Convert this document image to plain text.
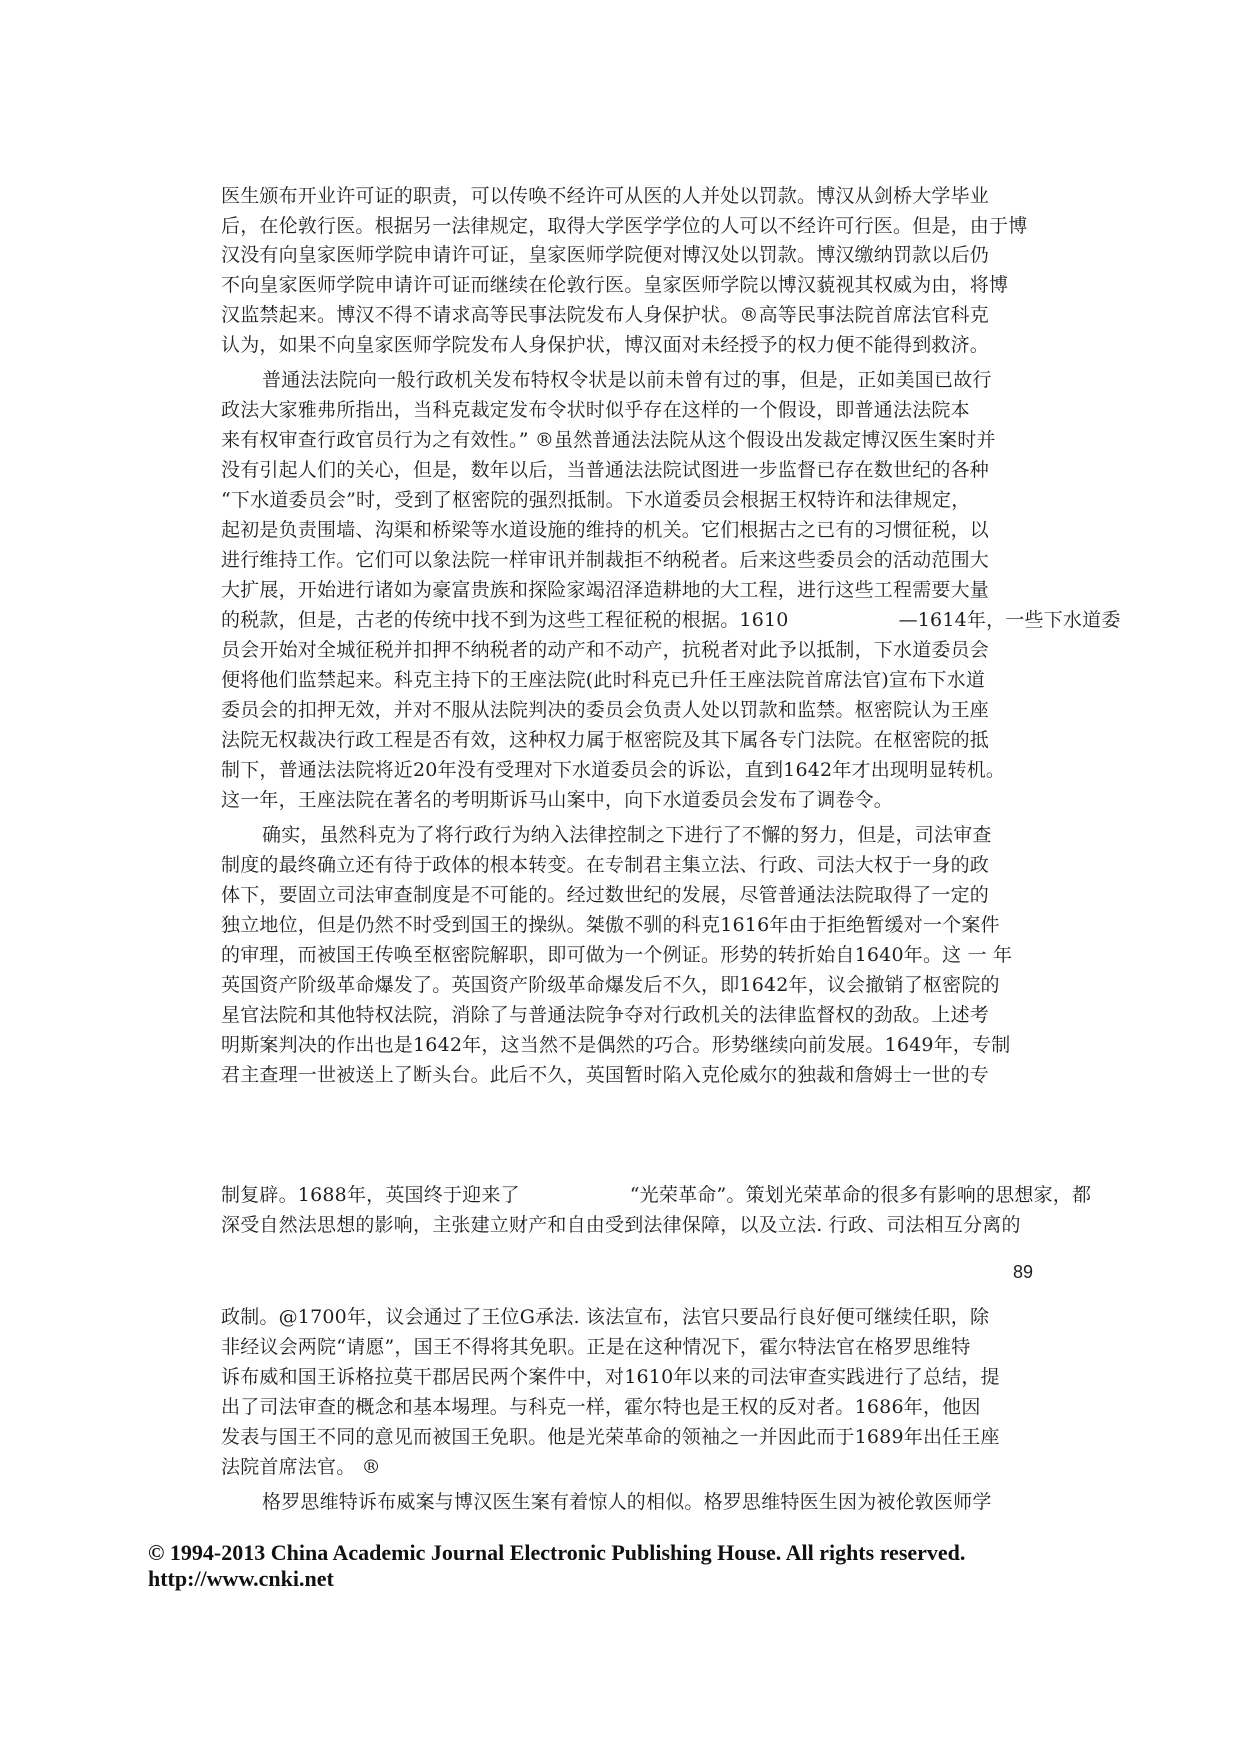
医生颁布开业许可证的职责，可以传唤不经许可从医的人并处以罚款。博汉从剑桥大学毕业
后，在伦敦行医。根据另一法律规定，取得大学医学学位的人可以不经许可行医。但是，由于博
汉没有向皇家医师学院申请许可证，皇家医师学院便对博汉处以罚款。博汉缴纳罚款以后仍
不向皇家医师学院申请许可证而继续在伦敦行医。皇家医师学院以博汉藐视其权威为由，将博
汉监禁起来。博汉不得不请求高等民事法院发布人身保护状。®高等民事法院首席法官科克
认为，如果不向皇家医师学院发布人身保护状，博汉面对未经授予的权力便不能得到救济。
普通法法院向一般行政机关发布特权令状是以前未曾有过的事，但是，正如美国已故行
政法大家雅弗所指出，当科克裁定发布令状时似乎存在这样的一个假设，即普通法法院本
来有权审查行政官员行为之有效性。” ®虽然普通法法院从这个假设出发裁定博汉医生案时并
没有引起人们的关心，但是，数年以后，当普通法法院试图进一步监督已存在数世纪的各种
“下水道委员会”时，受到了枢密院的强烈抵制。下水道委员会根据王权特许和法律规定，
起初是负责围墙、沟渠和桥梁等水道设施的维持的机关。它们根据古之已有的习惯征税，以
进行维持工作。它们可以象法院一样审讯并制裁拒不纳税者。后来这些委员会的活动范围大
大扩展，开始进行诸如为豪富贵族和探险家竭沼泽造耕地的大工程，进行这些工程需要大量
的税款，但是，古老的传统中找不到为这些工程征税的根据。1610	—1614年，一些下水道委
员会开始对全城征税并扣押不纳税者的动产和不动产，抗税者对此予以抵制，下水道委员会
便将他们监禁起来。科克主持下的王座法院(此时科克已升任王座法院首席法官)宣布下水道
委员会的扣押无效，并对不服从法院判决的委员会负责人处以罚款和监禁。枢密院认为王座
法院无权裁决行政工程是否有效，这种权力属于枢密院及其下属各专门法院。在枢密院的抵
制下，普通法法院将近20年没有受理对下水道委员会的诉讼，直到1642年才出现明显转机。
这一年，王座法院在著名的考明斯诉马山案中，向下水道委员会发布了调卷令。
确实，虽然科克为了将行政行为纳入法律控制之下进行了不懈的努力，但是，司法审查
制度的最终确立还有待于政体的根本转变。在专制君主集立法、行政、司法大权于一身的政
体下，要固立司法审查制度是不可能的。经过数世纪的发展，尽管普通法法院取得了一定的
独立地位，但是仍然不时受到国王的操纵。桀傲不驯的科克1616年由于拒绝暂缓对一个案件
的审理，而被国王传唤至枢密院解职，即可做为一个例证。形势的转折始自1640年。这 一 年
英国资产阶级革命爆发了。英国资产阶级革命爆发后不久，即1642年，议会撤销了枢密院的
星官法院和其他特权法院，消除了与普通法院争夺对行政机关的法律监督权的劲敌。上述考
明斯案判决的作出也是1642年，这当然不是偶然的巧合。形势继续向前发展。1649年，专制
君主查理一世被送上了断头台。此后不久，英国暂时陷入克伦威尔的独裁和詹姆士一世的专
制复辟。1688年，英国终于迎来了	“光荣革命”。策划光荣革命的很多有影响的思想家，都
深受自然法思想的影响，主张建立财产和自由受到法律保障，以及立法. 行政、司法相互分离的
89
政制。@1700年，议会通过了王位G承法. 该法宣布，法官只要品行良好便可继续任职，除
非经议会两院“请愿”，国王不得将其免职。正是在这种情况下，霍尔特法官在格罗思维特
诉布威和国王诉格拉莫干郡居民两个案件中，对1610年以来的司法审查实践进行了总结，提
出了司法审查的概念和基本埸理。与科克一样，霍尔特也是王权的反对者。1686年，他因
发表与国王不同的意见而被国王免职。他是光荣革命的领袖之一并因此而于1689年出任王座
法院首席法官。 ®
格罗思维特诉布威案与博汉医生案有着惊人的相似。格罗思维特医生因为被伦敦医师学
© 1994-2013 China Academic Journal Electronic Publishing House. All rights reserved.
http://www.cnki.net
